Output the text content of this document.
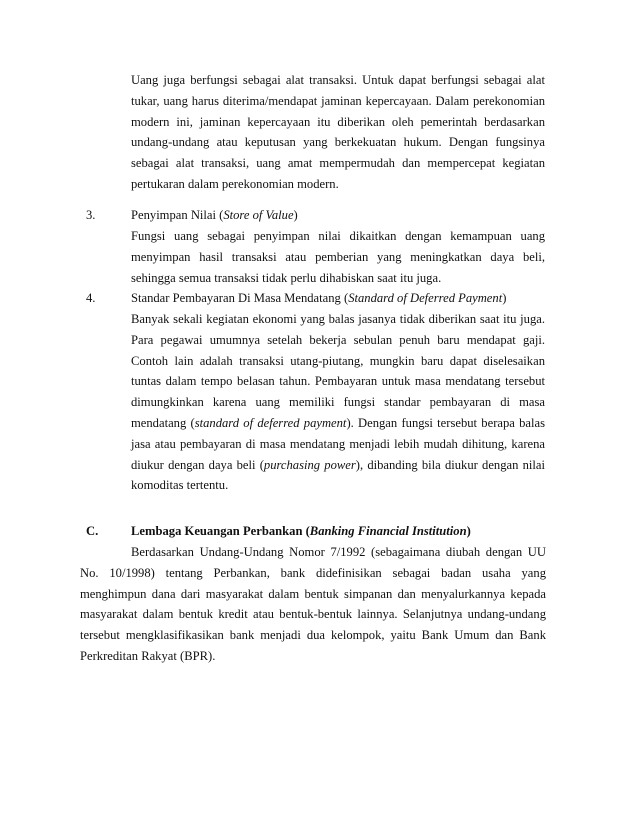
Uang juga berfungsi sebagai alat transaksi. Untuk dapat berfungsi sebagai alat tukar, uang harus diterima/mendapat jaminan kepercayaan. Dalam perekonomian modern ini, jaminan kepercayaan itu diberikan oleh pemerintah berdasarkan undang-undang atau keputusan yang berkekuatan hukum. Dengan fungsinya sebagai alat transaksi, uang amat mempermudah dan mempercepat kegiatan pertukaran dalam perekonomian modern.

3.	Penyimpan Nilai (Store of Value)

Fungsi uang sebagai penyimpan nilai dikaitkan dengan kemampuan uang menyimpan hasil transaksi atau pemberian yang meningkatkan daya beli, sehingga semua transaksi tidak perlu dihabiskan saat itu juga.

4.	Standar Pembayaran Di Masa Mendatang (Standard of Deferred Payment)

Banyak sekali kegiatan ekonomi yang balas jasanya tidak diberikan saat itu juga. Para pegawai umumnya setelah bekerja sebulan penuh baru mendapat gaji. Contoh lain adalah transaksi utang-piutang, mungkin baru dapat diselesaikan tuntas dalam tempo belasan tahun. Pembayaran untuk masa mendatang tersebut dimungkinkan karena uang memiliki fungsi standar pembayaran di masa mendatang (standard of deferred payment). Dengan fungsi tersebut berapa balas jasa atau pembayaran di masa mendatang menjadi lebih mudah dihitung, karena diukur dengan daya beli (purchasing power), dibanding bila diukur dengan nilai komoditas tertentu.

C.	Lembaga Keuangan Perbankan (Banking Financial Institution)

Berdasarkan Undang-Undang Nomor 7/1992 (sebagaimana diubah dengan UU No. 10/1998) tentang Perbankan, bank didefinisikan sebagai badan usaha yang menghimpun dana dari masyarakat dalam bentuk simpanan dan menyalurkannya kepada masyarakat dalam bentuk kredit atau bentuk-bentuk lainnya. Selanjutnya undang-undang tersebut mengklasifikasikan bank menjadi dua kelompok, yaitu Bank Umum dan Bank Perkreditan Rakyat (BPR).
